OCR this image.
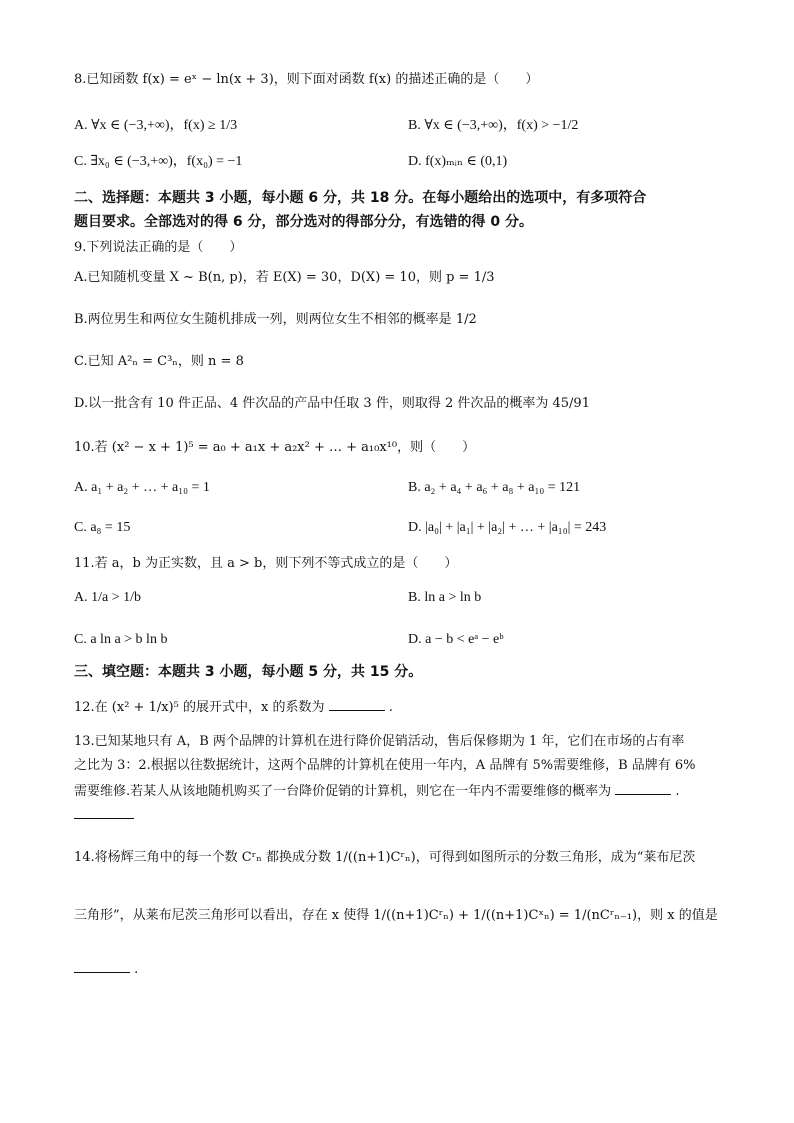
8.已知函数 f(x) = eˣ − ln(x + 3)，则下面对函数 f(x) 的描述正确的是（　　）
A. ∀x ∈ (−3,+∞)，f(x) ≥ 1/3	B. ∀x ∈ (−3,+∞)，f(x) > −1/2
C. ∃x₀ ∈ (−3,+∞)，f(x₀) = −1	D. f(x)ₘᵢₙ ∈ (0,1)
二、选择题：本题共 3 小题，每小题 6 分，共 18 分。在每小题给出的选项中，有多项符合
题目要求。全部选对的得 6 分，部分选对的得部分分，有选错的得 0 分。
9.下列说法正确的是（　　）
A.已知随机变量 X ~ B(n, p)，若 E(X) = 30，D(X) = 10，则 p = 1/3
B.两位男生和两位女生随机排成一列，则两位女生不相邻的概率是 1/2
C.已知 A²ₙ = C³ₙ，则 n = 8
D.以一批含有 10 件正品、4 件次品的产品中任取 3 件，则取得 2 件次品的概率为 45/91
10.若 (x² − x + 1)⁵ = a₀ + a₁x + a₂x² + … + a₁₀x¹⁰，则（　　）
A. a₁ + a₂ + … + a₁₀ = 1	B. a₂ + a₄ + a₆ + a₈ + a₁₀ = 121
C. a₈ = 15	D. |a₀| + |a₁| + |a₂| + … + |a₁₀| = 243
11.若 a，b 为正实数，且 a > b，则下列不等式成立的是（　　）
A. 1/a > 1/b	B. ln a > ln b
C. a ln a > b ln b	D. a − b < eᵃ − eᵇ
三、填空题：本题共 3 小题，每小题 5 分，共 15 分。
12.在 (x² + 1/x)⁵ 的展开式中，x 的系数为	.
13.已知某地只有 A，B 两个品牌的计算机在进行降价促销活动，售后保修期为 1 年，它们在市场的占有率
之比为 3：2.根据以往数据统计，这两个品牌的计算机在使用一年内，A 品牌有 5%需要维修，B 品牌有 6%
需要维修.若某人从该地随机购买了一台降价促销的计算机，则它在一年内不需要维修的概率为	.
14.将杨辉三角中的每一个数 Cʳₙ 都换成分数 1/((n+1)Cʳₙ)，可得到如图所示的分数三角形，成为“莱布尼茨
三角形”，从莱布尼茨三角形可以看出，存在 x 使得 1/((n+1)Cʳₙ) + 1/((n+1)Cˣₙ) = 1/(nCʳₙ₋₁)，则 x 的值是
.
